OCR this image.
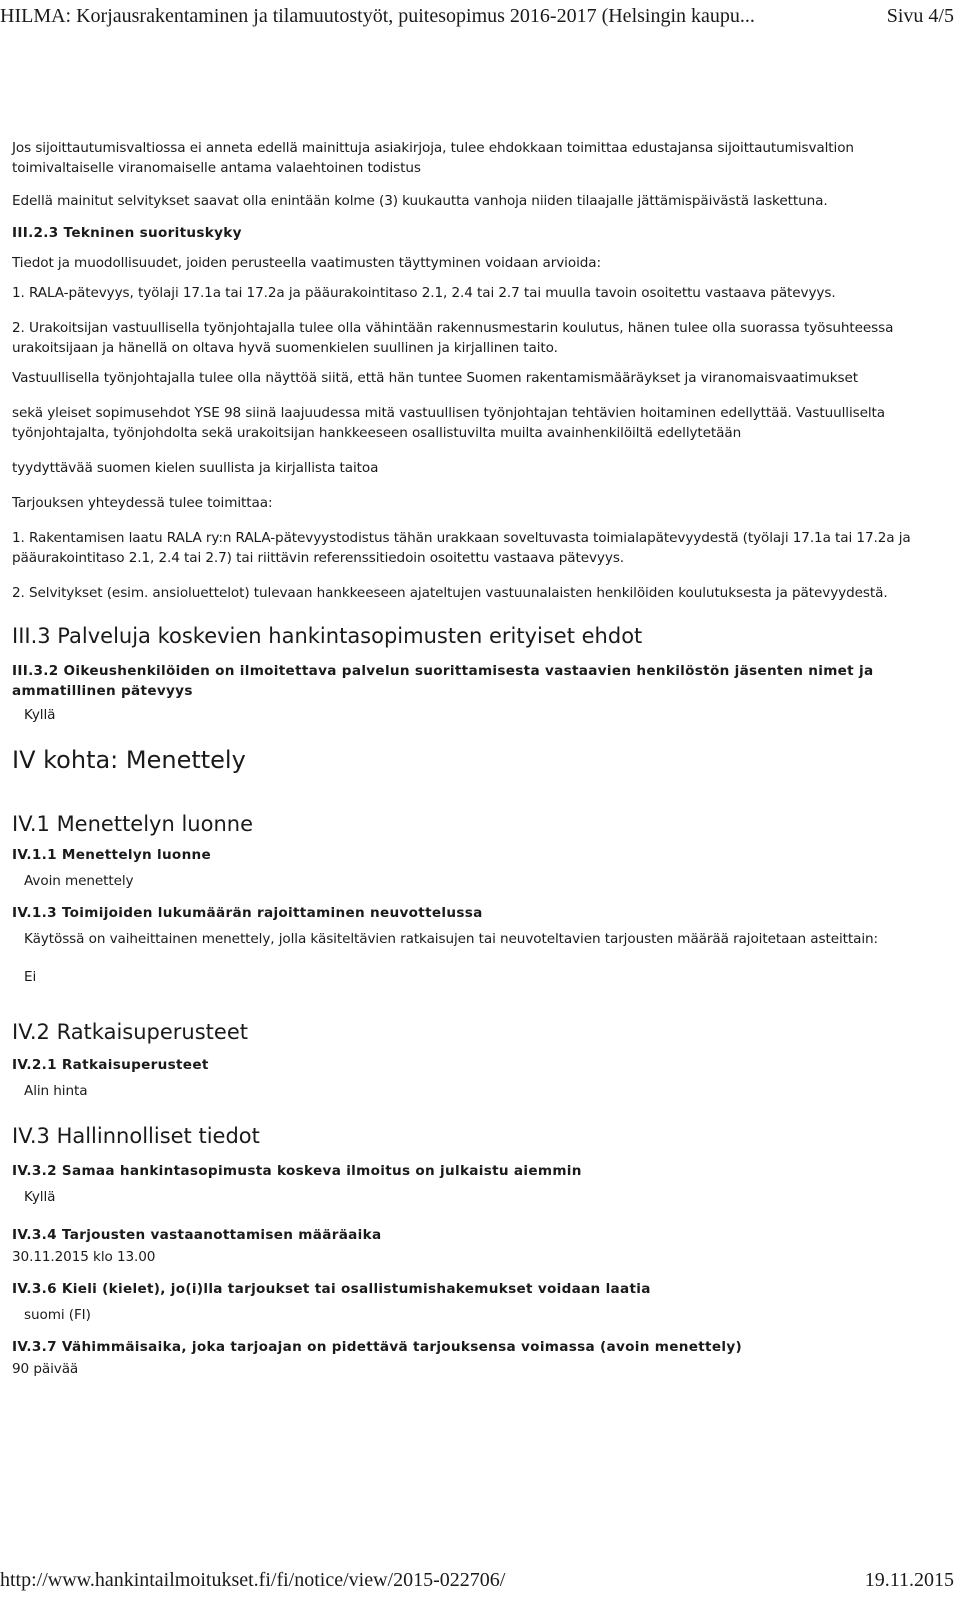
HILMA: Korjausrakentaminen ja tilamuutostyöt, puitesopimus 2016-2017 (Helsingin kaupu...	Sivu 4/5

Jos sijoittautumisvaltiossa ei anneta edellä mainittuja asiakirjoja, tulee ehdokkaan toimittaa edustajansa sijoittautumisvaltion toimivaltaiselle viranomaiselle antama valaehtoinen todistus

Edellä mainitut selvitykset saavat olla enintään kolme (3) kuukautta vanhoja niiden tilaajalle jättämispäivästä laskettuna.

III.2.3 Tekninen suorituskyky

Tiedot ja muodollisuudet, joiden perusteella vaatimusten täyttyminen voidaan arvioida:

1. RALA-pätevyys, työlaji 17.1a tai 17.2a ja pääurakointitaso 2.1, 2.4 tai 2.7 tai muulla tavoin osoitettu vastaava pätevyys.

2. Urakoitsijan vastuullisella työnjohtajalla tulee olla vähintään rakennusmestarin koulutus, hänen tulee olla suorassa työsuhteessa urakoitsijaan ja hänellä on oltava hyvä suomenkielen suullinen ja kirjallinen taito.

Vastuullisella työnjohtajalla tulee olla näyttöä siitä, että hän tuntee Suomen rakentamismääräykset ja viranomaisvaatimukset

sekä yleiset sopimusehdot YSE 98 siinä laajuudessa mitä vastuullisen työnjohtajan tehtävien hoitaminen edellyttää. Vastuulliselta työnjohtajalta, työnjohdolta sekä urakoitsijan hankkeeseen osallistuvilta muilta avainhenkilöiltä edellytetään

tyydyttävää suomen kielen suullista ja kirjallista taitoa

Tarjouksen yhteydessä tulee toimittaa:

1. Rakentamisen laatu RALA ry:n RALA-pätevyystodistus tähän urakkaan soveltuvasta toimialapätevyydestä (työlaji 17.1a tai 17.2a ja pääurakointitaso 2.1, 2.4 tai 2.7) tai riittävin referenssitiedoin osoitettu vastaava pätevyys.

2. Selvitykset (esim. ansioluettelot) tulevaan hankkeeseen ajateltujen vastuunalaisten henkilöiden koulutuksesta ja pätevyydestä.

III.3 Palveluja koskevien hankintasopimusten erityiset ehdot

III.3.2 Oikeushenkilöiden on ilmoitettava palvelun suorittamisesta vastaavien henkilöstön jäsenten nimet ja ammatillinen pätevyys

Kyllä

IV kohta: Menettely
IV.1 Menettelyn luonne

IV.1.1 Menettelyn luonne

Avoin menettely

IV.1.3 Toimijoiden lukumäärän rajoittaminen neuvottelussa

Käytössä on vaiheittainen menettely, jolla käsiteltävien ratkaisujen tai neuvoteltavien tarjousten määrää rajoitetaan asteittain:

Ei

IV.2 Ratkaisuperusteet

IV.2.1 Ratkaisuperusteet

Alin hinta

IV.3 Hallinnolliset tiedot

IV.3.2 Samaa hankintasopimusta koskeva ilmoitus on julkaistu aiemmin

Kyllä

IV.3.4 Tarjousten vastaanottamisen määräaika

30.11.2015 klo 13.00

IV.3.6 Kieli (kielet), jo(i)lla tarjoukset tai osallistumishakemukset voidaan laatia

suomi (FI)

IV.3.7 Vähimmäisaika, joka tarjoajan on pidettävä tarjouksensa voimassa (avoin menettely)

90 päivää

http://www.hankintailmoitukset.fi/fi/notice/view/2015-022706/	19.11.2015
